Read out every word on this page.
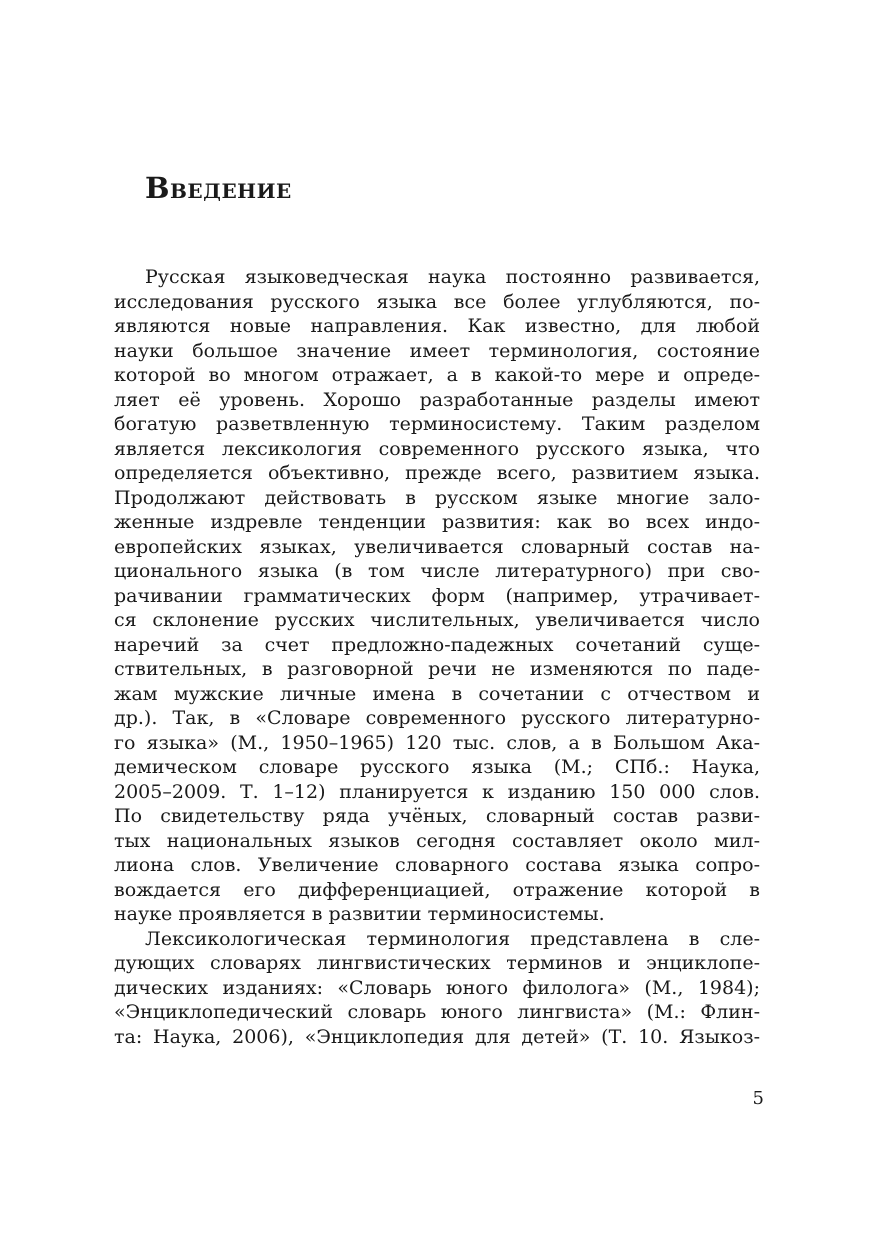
Введение
Русская языковедческая наука постоянно развивается,
исследования русского языка все более углубляются, по-
являются новые направления. Как известно, для любой
науки большое значение имеет терминология, состояние
которой во многом отражает, а в какой-то мере и опреде-
ляет её уровень. Хорошо разработанные разделы имеют
богатую разветвленную терминосистему. Таким разделом
является лексикология современного русского языка, что
определяется объективно, прежде всего, развитием языка.
Продолжают действовать в русском языке многие зало-
женные издревле тенденции развития: как во всех индо-
европейских языках, увеличивается словарный состав на-
ционального языка (в том числе литературного) при сво-
рачивании грамматических форм (например, утрачивает-
ся склонение русских числительных, увеличивается число
наречий за счет предложно-падежных сочетаний суще-
ствительных, в разговорной речи не изменяются по паде-
жам мужские личные имена в сочетании с отчеством и
др.). Так, в «Словаре современного русского литературно-
го языка» (М., 1950–1965) 120 тыс. слов, а в Большом Ака-
демическом словаре русского языка (М.; СПб.: Наука,
2005–2009. Т. 1–12) планируется к изданию 150 000 слов.
По свидетельству ряда учёных, словарный состав разви-
тых национальных языков сегодня составляет около мил-
лиона слов. Увеличение словарного состава языка сопро-
вождается его дифференциацией, отражение которой в
науке проявляется в развитии терминосистемы.
Лексикологическая терминология представлена в сле-
дующих словарях лингвистических терминов и энциклопе-
дических изданиях: «Словарь юного филолога» (М., 1984);
«Энциклопедический словарь юного лингвиста» (М.: Флин-
та: Наука, 2006), «Энциклопедия для детей» (Т. 10. Языкоз-
5
